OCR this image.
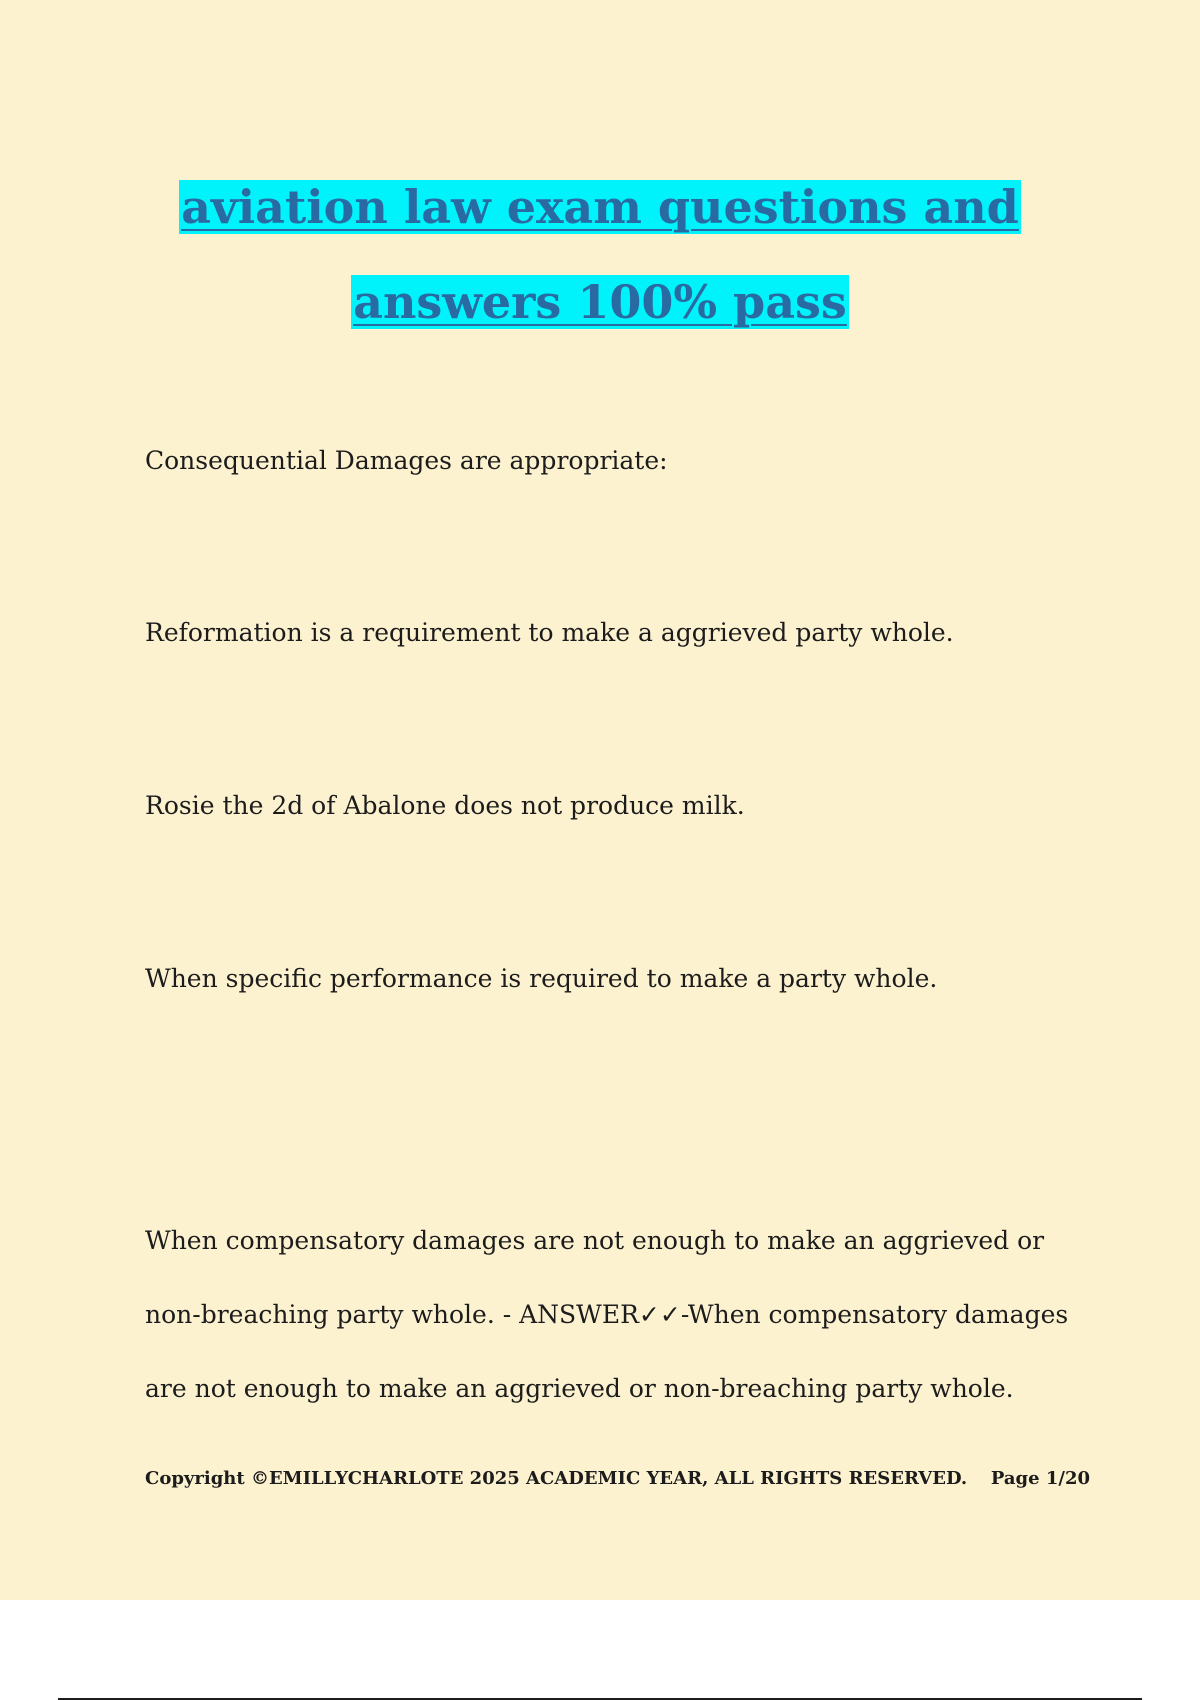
aviation law exam questions and
answers 100% pass

Consequential Damages are appropriate:

Reformation is a requirement to make a aggrieved party whole.

Rosie the 2d of Abalone does not produce milk.

When specific performance is required to make a party whole.

When compensatory damages are not enough to make an aggrieved or non-breaching party whole. - ANSWER✓✓-When compensatory damages are not enough to make an aggrieved or non-breaching party whole.

Copyright ©EMILLYCHARLOTE 2025 ACADEMIC YEAR, ALL RIGHTS RESERVED. Page 1/20
